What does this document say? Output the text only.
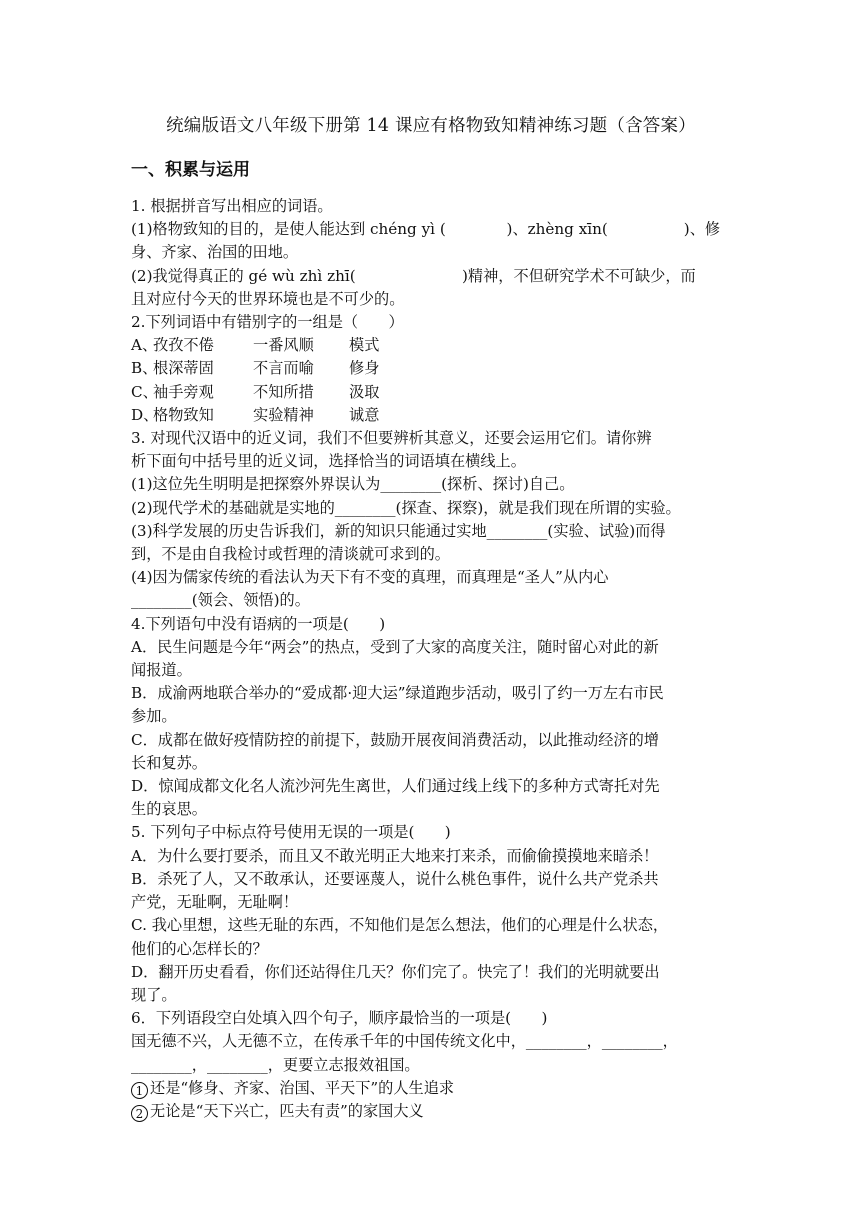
统编版语文八年级下册第 14 课应有格物致知精神练习题（含答案）
一、积累与运用

1. 根据拼音写出相应的词语。

(1)格物致知的目的，是使人能达到 chéng yì (　　　　)、zhèng xīn(　　　　　)、修

身、齐家、治国的田地。

(2)我觉得真正的 gé wù zhì zhī(　　　　　　　)精神，不但研究学术不可缺少，而

且对应付今天的世界环境也是不可少的。

2.下列词语中有错别字的一组是（　　）

A、孜孜不倦	一番风顺 模式

B、根深蒂固	不言而喻 修身

C、袖手旁观	不知所措 汲取

D、格物致知	实验精神 诚意

3. 对现代汉语中的近义词，我们不但要辨析其意义，还要会运用它们。请你辨

析下面句中括号里的近义词，选择恰当的词语填在横线上。

(1)这位先生明明是把探察外界误认为________(探析、探讨)自己。

(2)现代学术的基础就是实地的________(探查、探察)，就是我们现在所谓的实验。

(3)科学发展的历史告诉我们，新的知识只能通过实地________(实验、试验)而得

到，不是由自我检讨或哲理的清谈就可求到的。

(4)因为儒家传统的看法认为天下有不变的真理，而真理是“圣人”从内心

________(领会、领悟)的。

4.下列语句中没有语病的一项是(　　)

A．民生问题是今年“两会”的热点，受到了大家的高度关注，随时留心对此的新

闻报道。

B．成渝两地联合举办的“爱成都·迎大运”绿道跑步活动，吸引了约一万左右市民

参加。

C．成都在做好疫情防控的前提下，鼓励开展夜间消费活动，以此推动经济的增

长和复苏。

D．惊闻成都文化名人流沙河先生离世，人们通过线上线下的多种方式寄托对先

生的哀思。

5. 下列句子中标点符号使用无误的一项是(　　)

A．为什么要打要杀，而且又不敢光明正大地来打来杀，而偷偷摸摸地来暗杀！

B．杀死了人，又不敢承认，还要诬蔑人，说什么桃色事件，说什么共产党杀共

产党，无耻啊，无耻啊！

C. 我心里想，这些无耻的东西，不知他们是怎么想法，他们的心理是什么状态，

他们的心怎样长的？

D．翻开历史看看，你们还站得住几天？你们完了。快完了！我们的光明就要出

现了。

6．下列语段空白处填入四个句子，顺序最恰当的一项是(　　)

国无德不兴，人无德不立，在传承千年的中国传统文化中，________，________，

________，________，更要立志报效祖国。

1 还是“修身、齐家、治国、平天下”的人生追求

2 无论是“天下兴亡，匹夫有责”的家国大义
